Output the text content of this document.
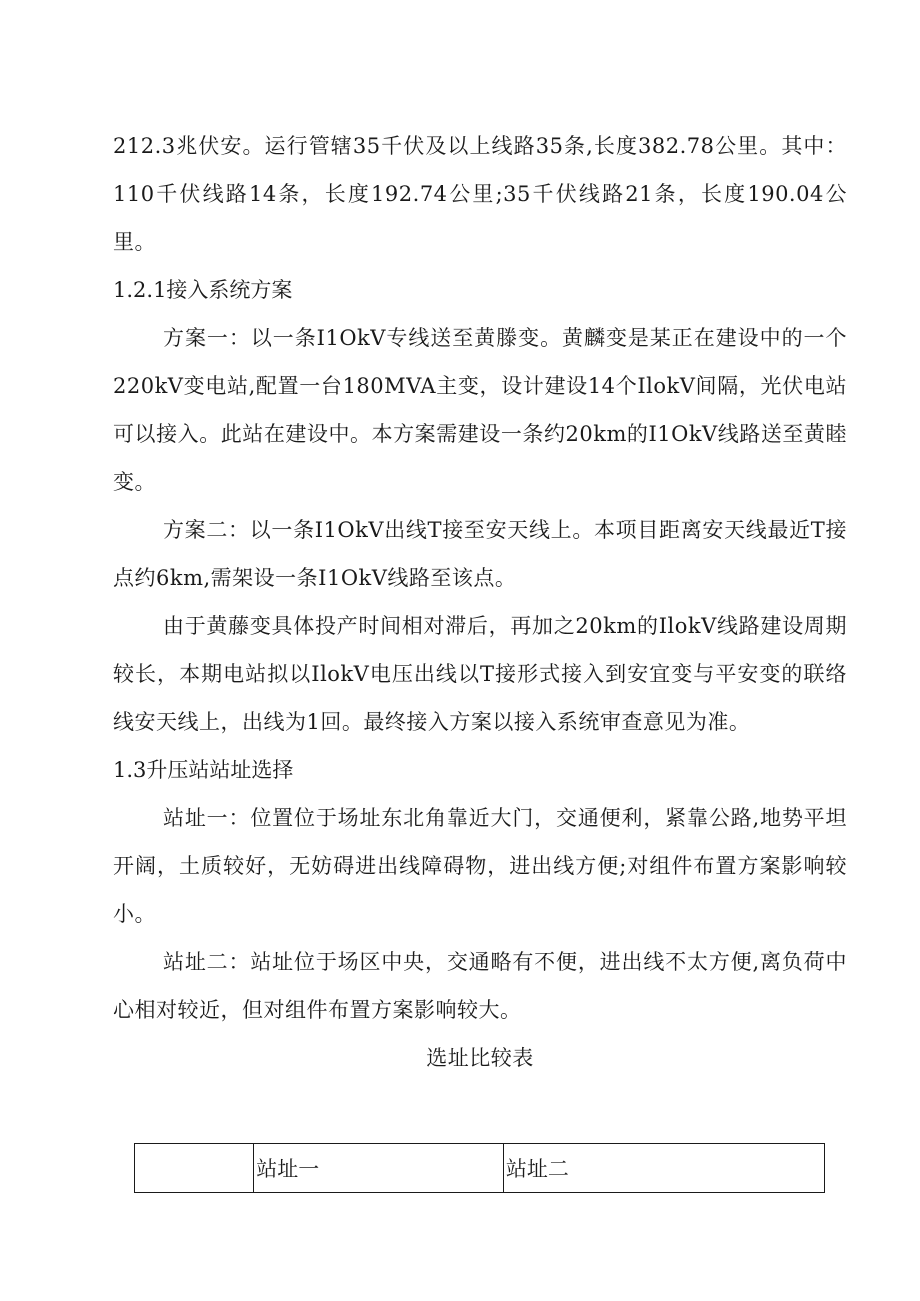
212.3兆伏安。运行管辖35千伏及以上线路35条,长度382.78公里。其中：110千伏线路14条，长度192.74公里;35千伏线路21条，长度190.04公里。

1.2.1接入系统方案

方案一：以一条I1OkV专线送至黄滕变。黄麟变是某正在建设中的一个220kV变电站,配置一台180MVA主变，设计建设14个IlokV间隔，光伏电站可以接入。此站在建设中。本方案需建设一条约20km的I1OkV线路送至黄睦变。

方案二：以一条I1OkV出线T接至安天线上。本项目距离安天线最近T接点约6km,需架设一条I1OkV线路至该点。

由于黄藤变具体投产时间相对滞后，再加之20km的IlokV线路建设周期较长，本期电站拟以IlokV电压出线以T接形式接入到安宜变与平安变的联络线安天线上，出线为1回。最终接入方案以接入系统审查意见为准。

1.3升压站站址选择

站址一：位置位于场址东北角靠近大门，交通便利，紧靠公路,地势平坦开阔，土质较好，无妨碍进出线障碍物，进出线方便;对组件布置方案影响较小。

站址二：站址位于场区中央，交通略有不便，进出线不太方便,离负荷中心相对较近，但对组件布置方案影响较大。

选址比较表

	站址一	站址二
